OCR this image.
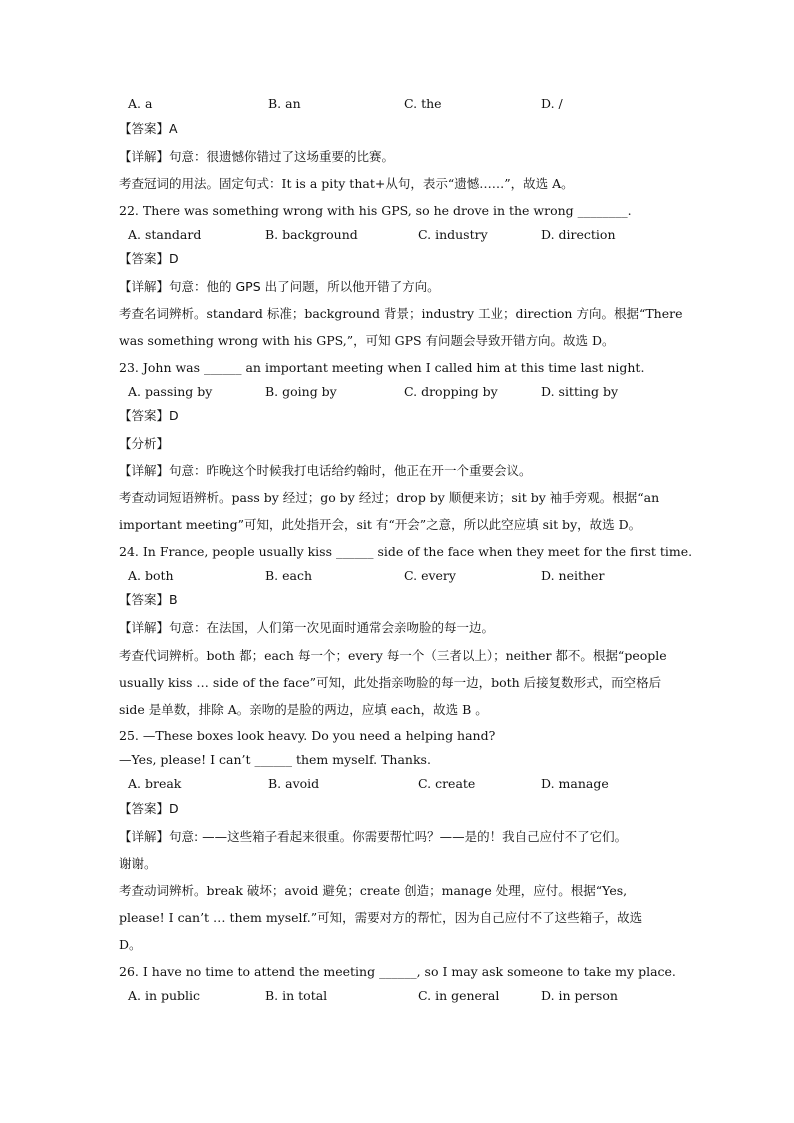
A. a	B. an	C. the	D. /
【答案】A
【详解】句意：很遗憾你错过了这场重要的比赛。
考查冠词的用法。固定句式：It is a pity that+从句，表示“遗憾……”，故选 A。
22. There was something wrong with his GPS, so he drove in the wrong ________.
A. standard	B. background	C. industry	D. direction
【答案】D
【详解】句意：他的 GPS 出了问题，所以他开错了方向。
考查名词辨析。standard 标准；background 背景；industry 工业；direction 方向。根据“There
was something wrong with his GPS,”，可知 GPS 有问题会导致开错方向。故选 D。
23. John was ______ an important meeting when I called him at this time last night.
A. passing by	B. going by	C. dropping by	D. sitting by
【答案】D
【分析】
【详解】句意：昨晚这个时候我打电话给约翰时，他正在开一个重要会议。
考查动词短语辨析。pass by 经过；go by 经过；drop by 顺便来访；sit by 袖手旁观。根据“an
important meeting”可知，此处指开会，sit 有“开会”之意，所以此空应填 sit by，故选 D。
24. In France, people usually kiss ______ side of the face when they meet for the first time.
A. both	B. each	C. every	D. neither
【答案】B
【详解】句意：在法国，人们第一次见面时通常会亲吻脸的每一边。
考查代词辨析。both 都；each 每一个；every 每一个（三者以上）；neither 都不。根据“people
usually kiss … side of the face”可知，此处指亲吻脸的每一边，both 后接复数形式，而空格后
side 是单数，排除 A。亲吻的是脸的两边，应填 each，故选 B 。
25. —These boxes look heavy. Do you need a helping hand?
—Yes, please! I can’t ______ them myself. Thanks.
A. break	B. avoid	C. create	D. manage
【答案】D
【详解】句意: ——这些箱子看起来很重。你需要帮忙吗？——是的！我自己应付不了它们。
谢谢。
考查动词辨析。break 破坏；avoid 避免；create 创造；manage 处理，应付。根据“Yes,
please! I can’t … them myself.”可知，需要对方的帮忙，因为自己应付不了这些箱子，故选
D。
26. I have no time to attend the meeting ______, so I may ask someone to take my place.
A. in public	B. in total	C. in general	D. in person
